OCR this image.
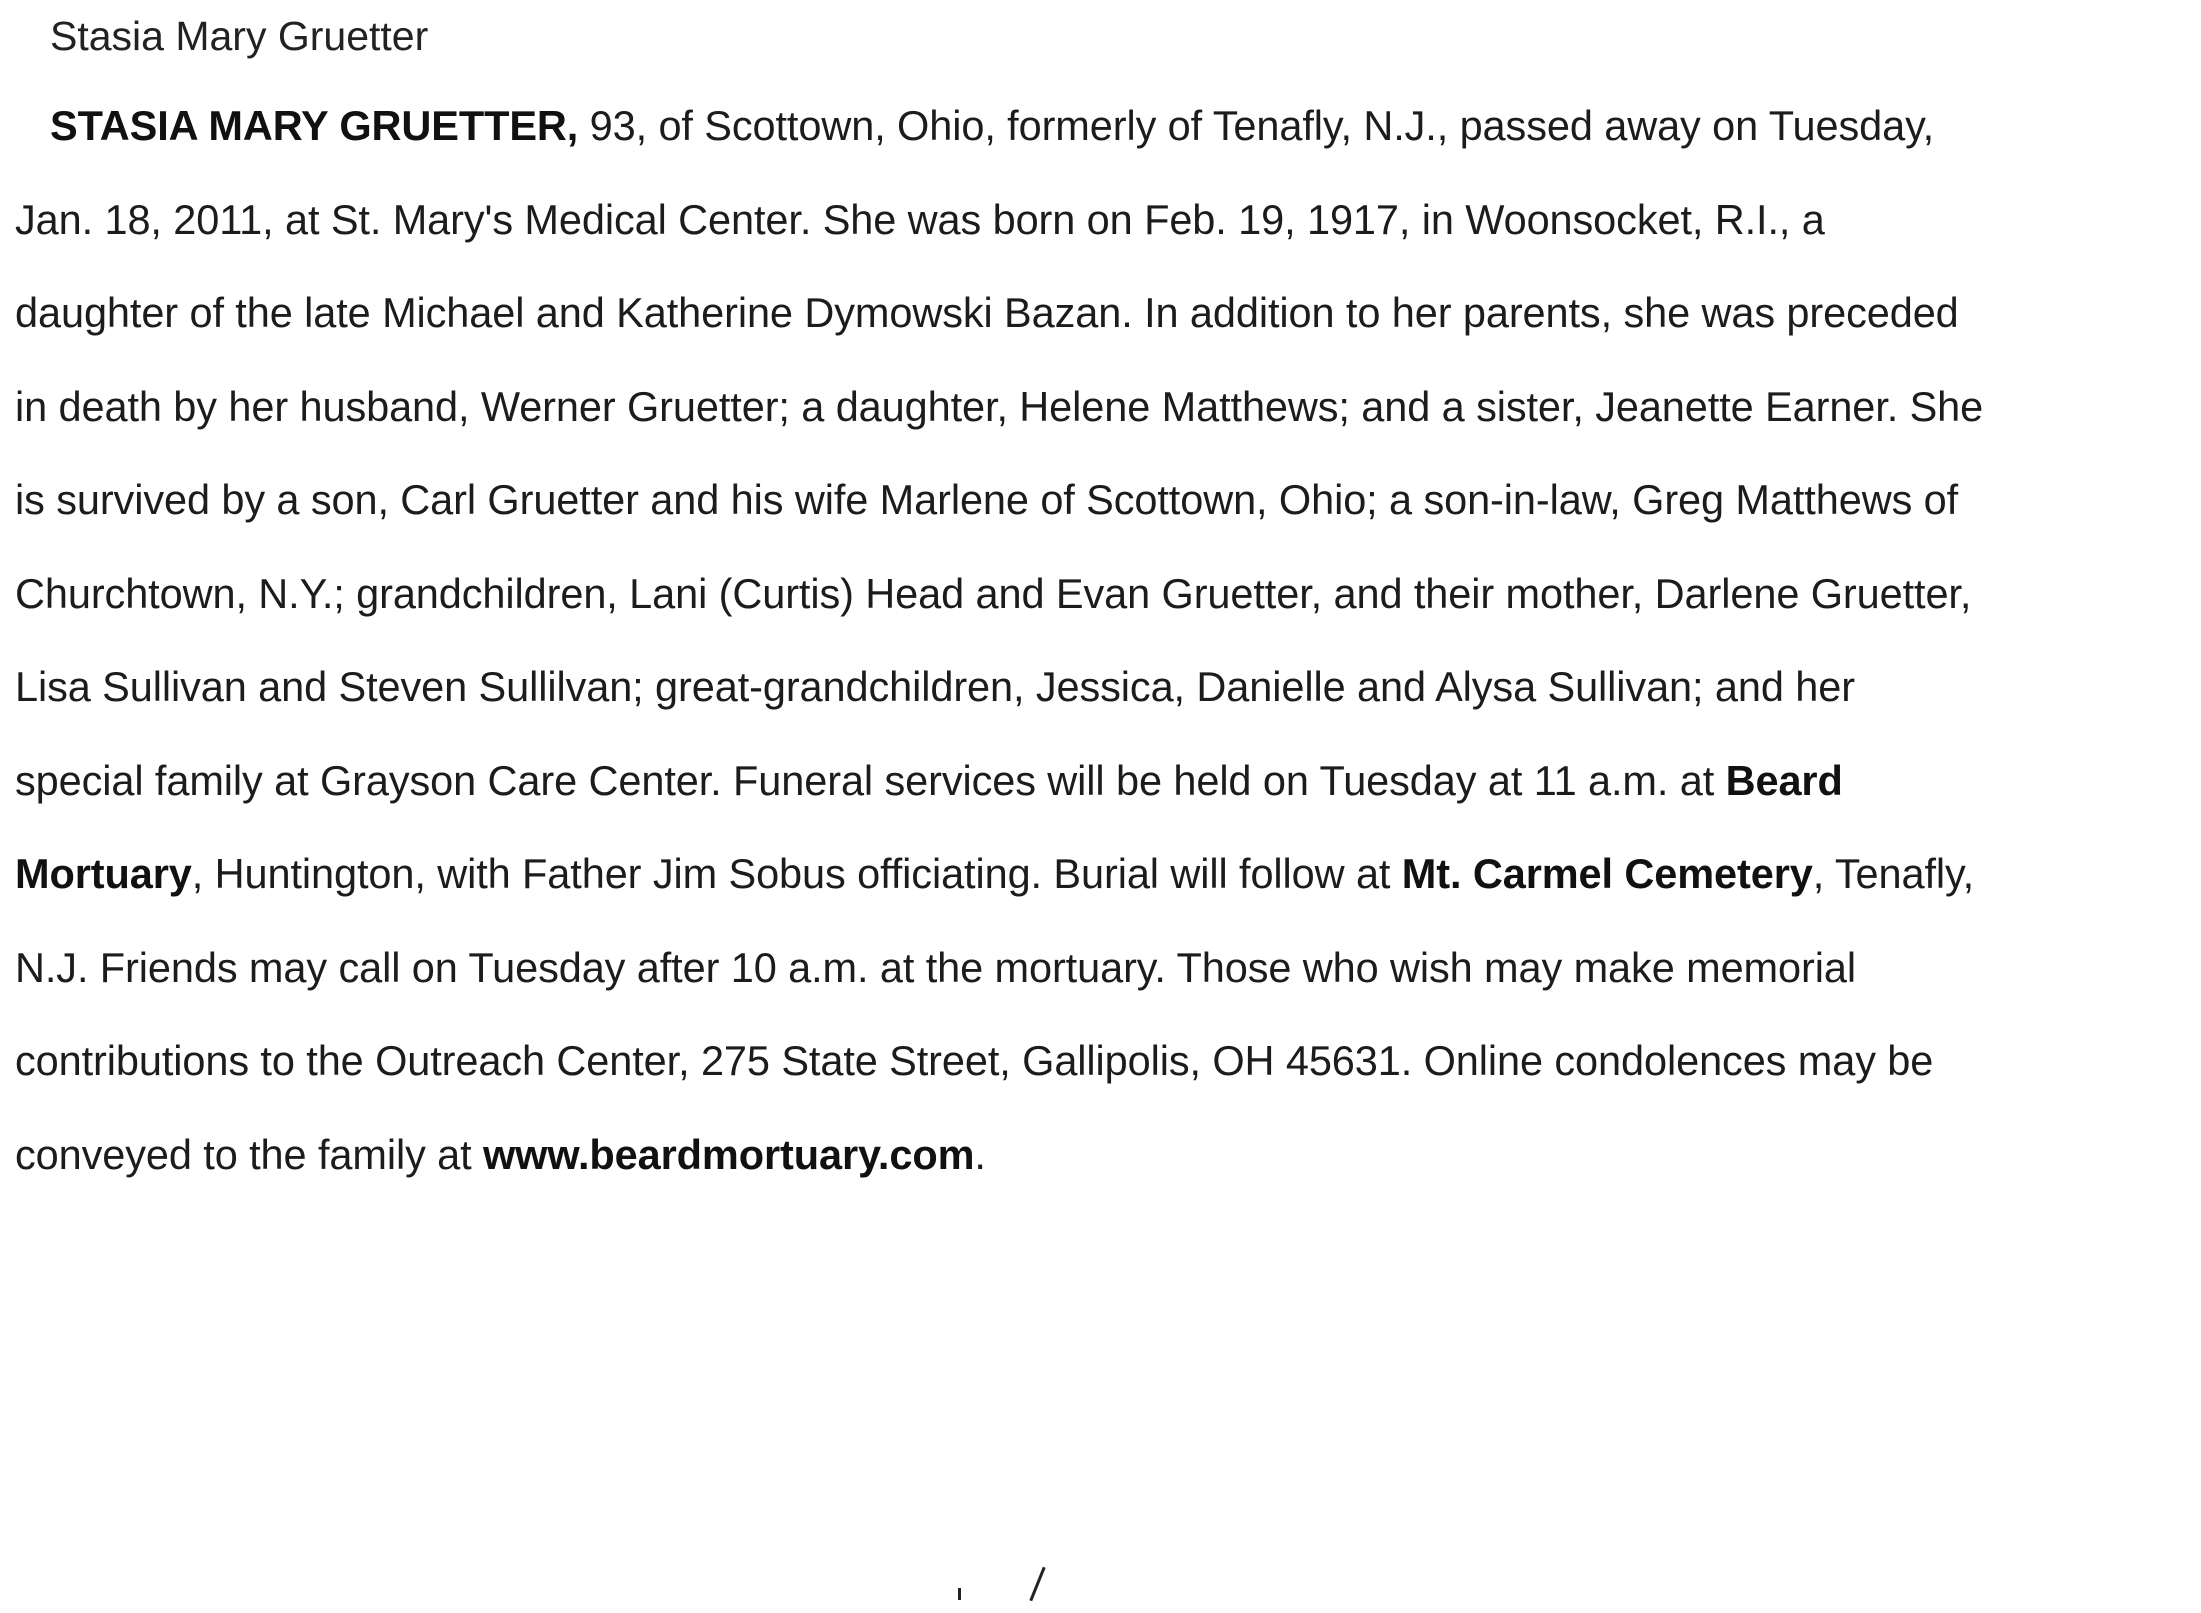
Stasia Mary Gruetter
STASIA MARY GRUETTER, 93, of Scottown, Ohio, formerly of Tenafly, N.J., passed away on Tuesday,
Jan. 18, 2011, at St. Mary's Medical Center. She was born on Feb. 19, 1917, in Woonsocket, R.I., a
daughter of the late Michael and Katherine Dymowski Bazan. In addition to her parents, she was preceded
in death by her husband, Werner Gruetter; a daughter, Helene Matthews; and a sister, Jeanette Earner. She
is survived by a son, Carl Gruetter and his wife Marlene of Scottown, Ohio; a son-in-law, Greg Matthews of
Churchtown, N.Y.; grandchildren, Lani (Curtis) Head and Evan Gruetter, and their mother, Darlene Gruetter,
Lisa Sullivan and Steven Sullilvan; great-grandchildren, Jessica, Danielle and Alysa Sullivan; and her
special family at Grayson Care Center. Funeral services will be held on Tuesday at 11 a.m. at Beard
Mortuary, Huntington, with Father Jim Sobus officiating. Burial will follow at Mt. Carmel Cemetery, Tenafly,
N.J. Friends may call on Tuesday after 10 a.m. at the mortuary. Those who wish may make memorial
contributions to the Outreach Center, 275 State Street, Gallipolis, OH 45631. Online condolences may be
conveyed to the family at www.beardmortuary.com.
